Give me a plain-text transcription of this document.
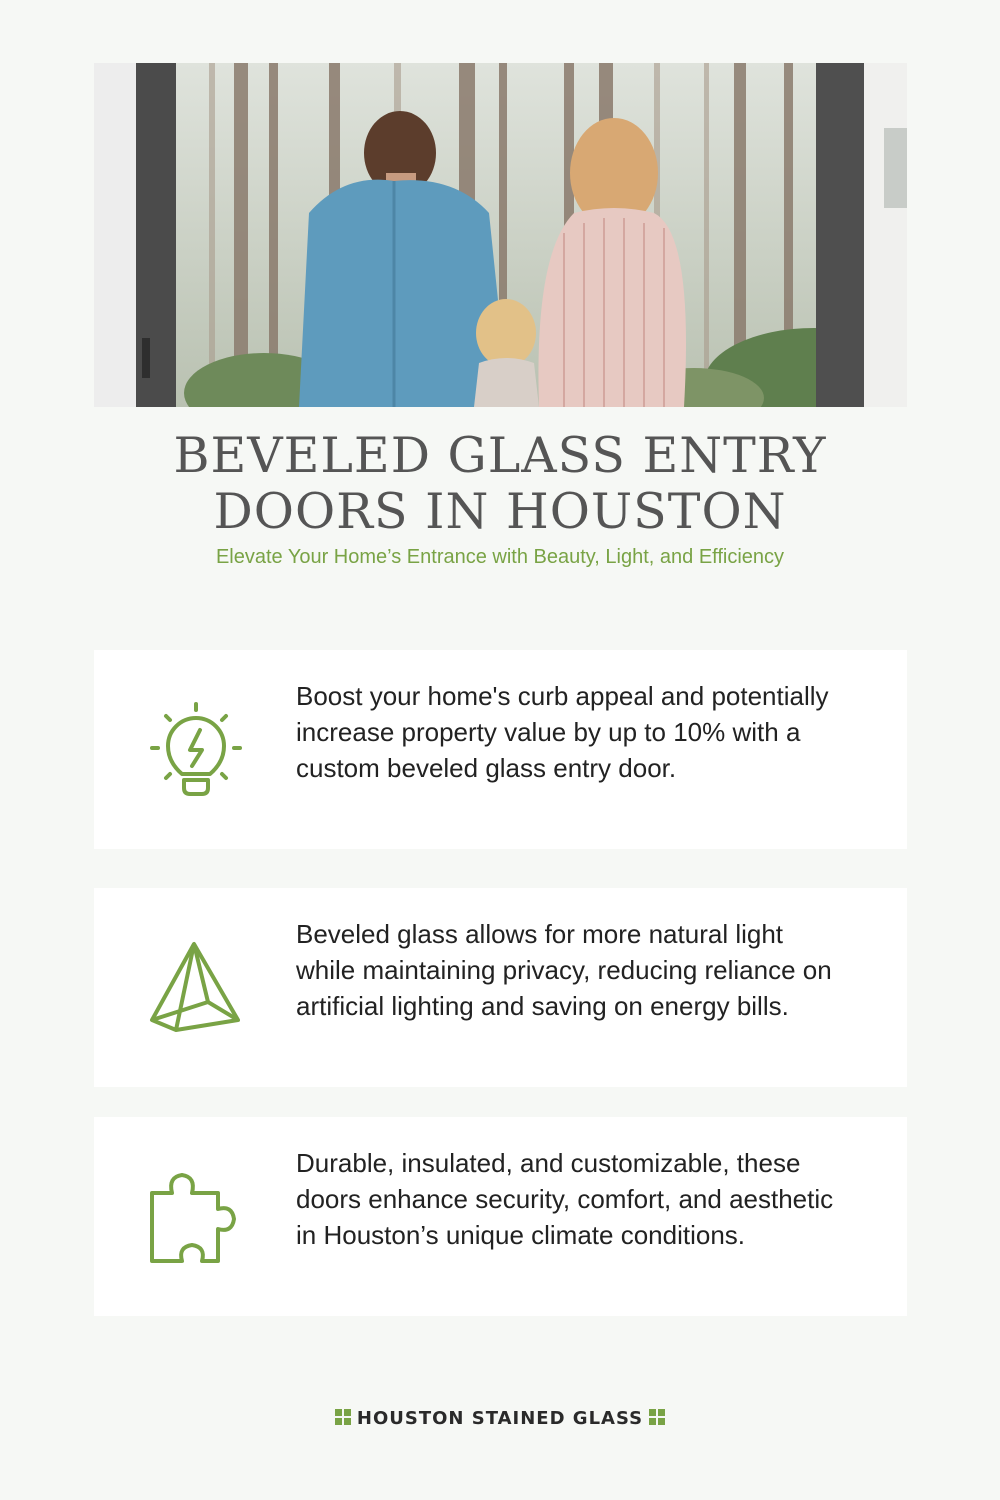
BEVELED GLASS ENTRY
DOORS IN HOUSTON
Elevate Your Home’s Entrance with Beauty, Light, and Efficiency
Boost your home's curb appeal and potentially increase property value by up to 10% with a custom beveled glass entry door.
Beveled glass allows for more natural light while maintaining privacy, reducing reliance on artificial lighting and saving on energy bills.
Durable, insulated, and customizable, these doors enhance security, comfort, and aesthetic in Houston’s unique climate conditions.
HOUSTON STAINED GLASS
